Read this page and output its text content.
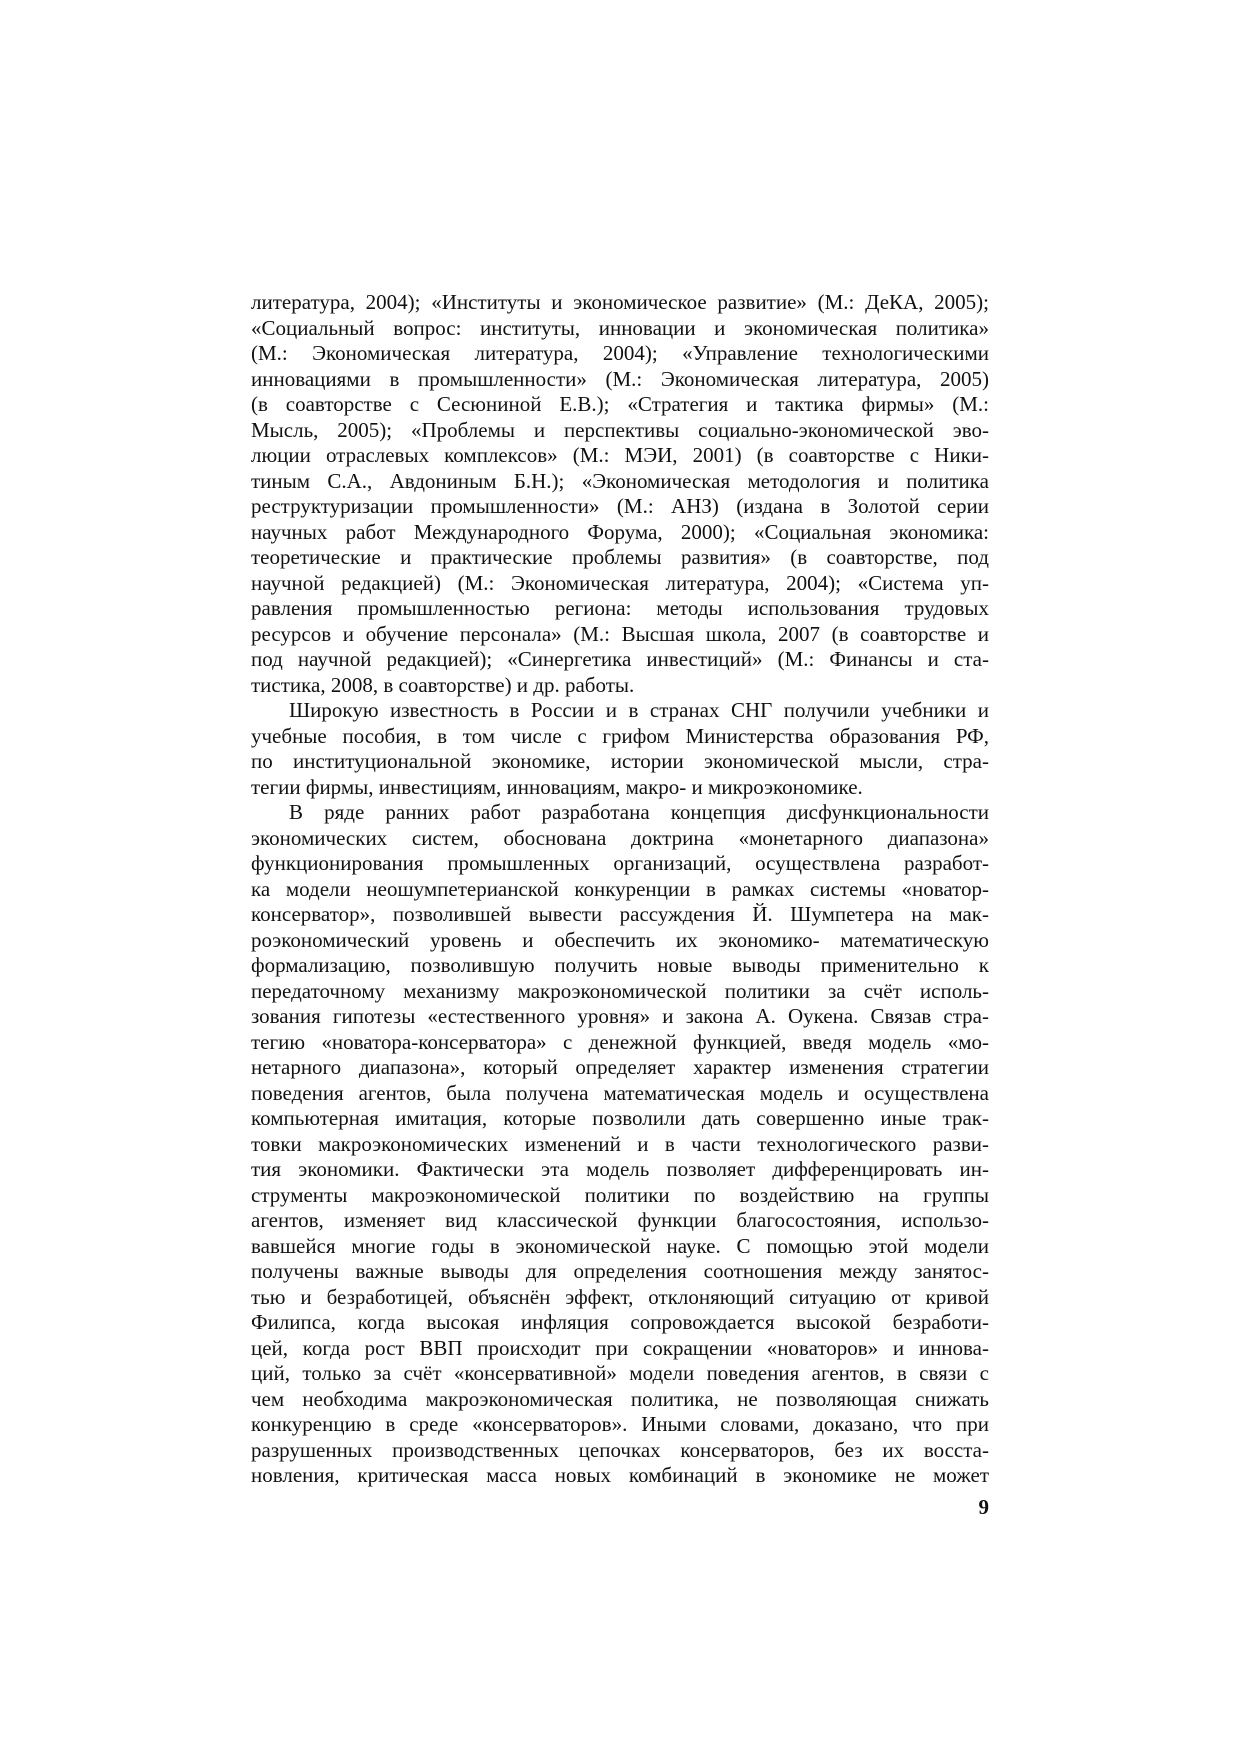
литература, 2004); «Институты и экономическое развитие» (М.: ДеКА, 2005);
«Социальный вопрос: институты, инновации и экономическая политика»
(М.: Экономическая литература, 2004); «Управление технологическими
инновациями в промышленности» (М.: Экономическая литература, 2005)
(в соавторстве с Сесюниной Е.В.); «Стратегия и тактика фирмы» (М.:
Мысль, 2005); «Проблемы и перспективы социально-экономической эво-
люции отраслевых комплексов» (М.: МЭИ, 2001) (в соавторстве с Ники-
тиным С.А., Авдониным Б.Н.); «Экономическая методология и политика
реструктуризации промышленности» (М.: АНЗ) (издана в Золотой серии
научных работ Международного Форума, 2000); «Социальная экономика:
теоретические и практические проблемы развития» (в соавторстве, под
научной редакцией) (М.: Экономическая литература, 2004); «Система уп-
равления промышленностью региона: методы использования трудовых
ресурсов и обучение персонала» (М.: Высшая школа, 2007 (в соавторстве и
под научной редакцией); «Синергетика инвестиций» (М.: Финансы и ста-
тистика, 2008, в соавторстве) и др. работы.
Широкую известность в России и в странах СНГ получили учебники и
учебные пособия, в том числе с грифом Министерства образования РФ,
по институциональной экономике, истории экономической мысли, стра-
тегии фирмы, инвестициям, инновациям, макро- и микроэкономике.
В ряде ранних работ разработана концепция дисфункциональности
экономических систем, обоснована доктрина «монетарного диапазона»
функционирования промышленных организаций, осуществлена разработ-
ка модели неошумпетерианской конкуренции в рамках системы «новатор-
консерватор», позволившей вывести рассуждения Й. Шумпетера на мак-
роэкономический уровень и обеспечить их экономико- математическую
формализацию, позволившую получить новые выводы применительно к
передаточному механизму макроэкономической политики за счёт исполь-
зования гипотезы «естественного уровня» и закона А. Оукена. Связав стра-
тегию «новатора-консерватора» с денежной функцией, введя модель «мо-
нетарного диапазона», который определяет характер изменения стратегии
поведения агентов, была получена математическая модель и осуществлена
компьютерная имитация, которые позволили дать совершенно иные трак-
товки макроэкономических изменений и в части технологического разви-
тия экономики. Фактически эта модель позволяет дифференцировать ин-
струменты макроэкономической политики по воздействию на группы
агентов, изменяет вид классической функции благосостояния, использо-
вавшейся многие годы в экономической науке. С помощью этой модели
получены важные выводы для определения соотношения между занятос-
тью и безработицей, объяснён эффект, отклоняющий ситуацию от кривой
Филипса, когда высокая инфляция сопровождается высокой безработи-
цей, когда рост ВВП происходит при сокращении «новаторов» и иннова-
ций, только за счёт «консервативной» модели поведения агентов, в связи с
чем необходима макроэкономическая политика, не позволяющая снижать
конкуренцию в среде «консерваторов». Иными словами, доказано, что при
разрушенных производственных цепочках консерваторов, без их восста-
новления, критическая масса новых комбинаций в экономике не может
9
